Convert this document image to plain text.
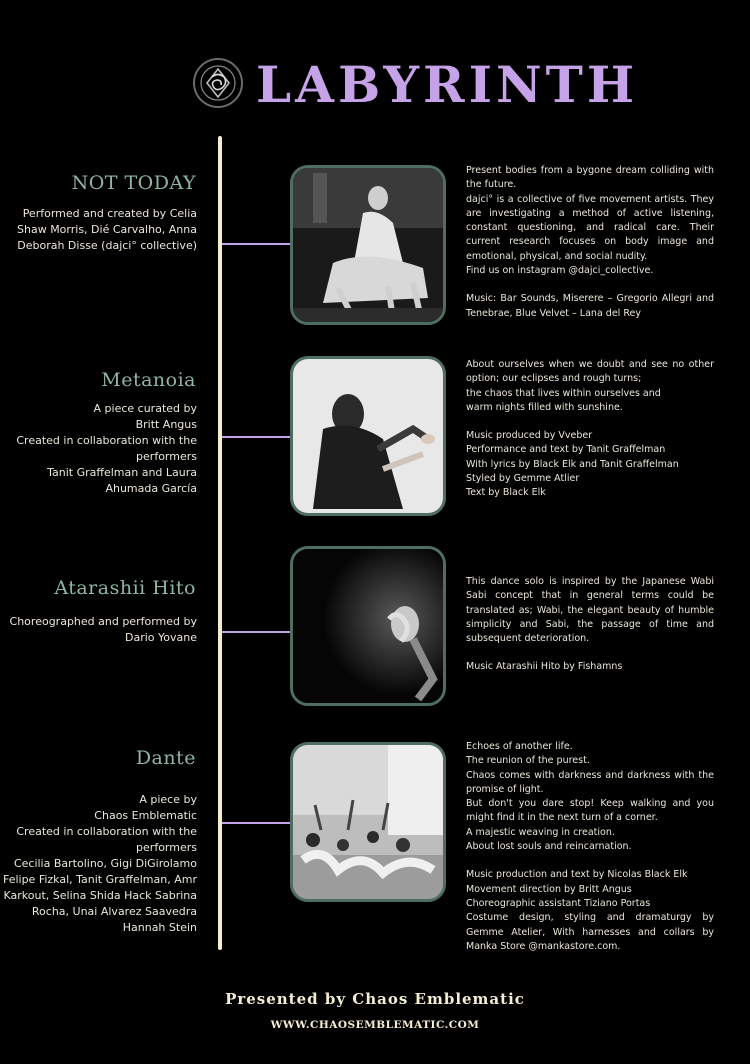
LABYRINTH
NOT TODAY
Performed and created by Celia
Shaw Morris, Dié Carvalho, Anna
Deborah Disse (dajci° collective)

Present bodies from a bygone dream colliding with the future.

dajci° is a collective of five movement artists. They are investigating a method of active listening, constant questioning, and radical care. Their current research focuses on body image and emotional, physical, and social nudity.

Find us on instagram @dajci_collective.

Music: Bar Sounds, Miserere – Gregorio Allegri and Tenebrae, Blue Velvet – Lana del Rey

Metanoia
A piece curated by
Britt Angus
Created in collaboration with the
performers
Tanit Graffelman and Laura
Ahumada García

About ourselves when we doubt and see no other option; our eclipses and rough turns;

the chaos that lives within ourselves and

warm nights filled with sunshine.

Music produced by Vveber

Performance and text by Tanit Graffelman

With lyrics by Black Elk and Tanit Graffelman

Styled by Gemme Atlier

Text by Black Elk

Atarashii Hito
Choreographed and performed by
Dario Yovane

This dance solo is inspired by the Japanese Wabi Sabi concept that in general terms could be translated as; Wabi, the elegant beauty of humble simplicity and Sabi, the passage of time and subsequent deterioration.

Music Atarashii Hito by Fishamns

Dante
A piece by
Chaos Emblematic
Created in collaboration with the
performers
Cecilia Bartolino, Gigi DiGirolamo
Felipe Fizkal, Tanit Graffelman, Amr
Karkout, Selina Shida Hack Sabrina
Rocha, Unai Alvarez Saavedra
Hannah Stein

Echoes of another life.

The reunion of the purest.

Chaos comes with darkness and darkness with the promise of light.

But don't you dare stop! Keep walking and you might find it in the next turn of a corner.

A majestic weaving in creation.

About lost souls and reincarnation.

Music production and text by Nicolas Black Elk

Movement direction by Britt Angus

Choreographic assistant Tiziano Portas

Costume design, styling and dramaturgy by Gemme Atelier, With harnesses and collars by Manka Store @mankastore.com.

Presented by Chaos Emblematic
WWW.CHAOSEMBLEMATIC.COM
